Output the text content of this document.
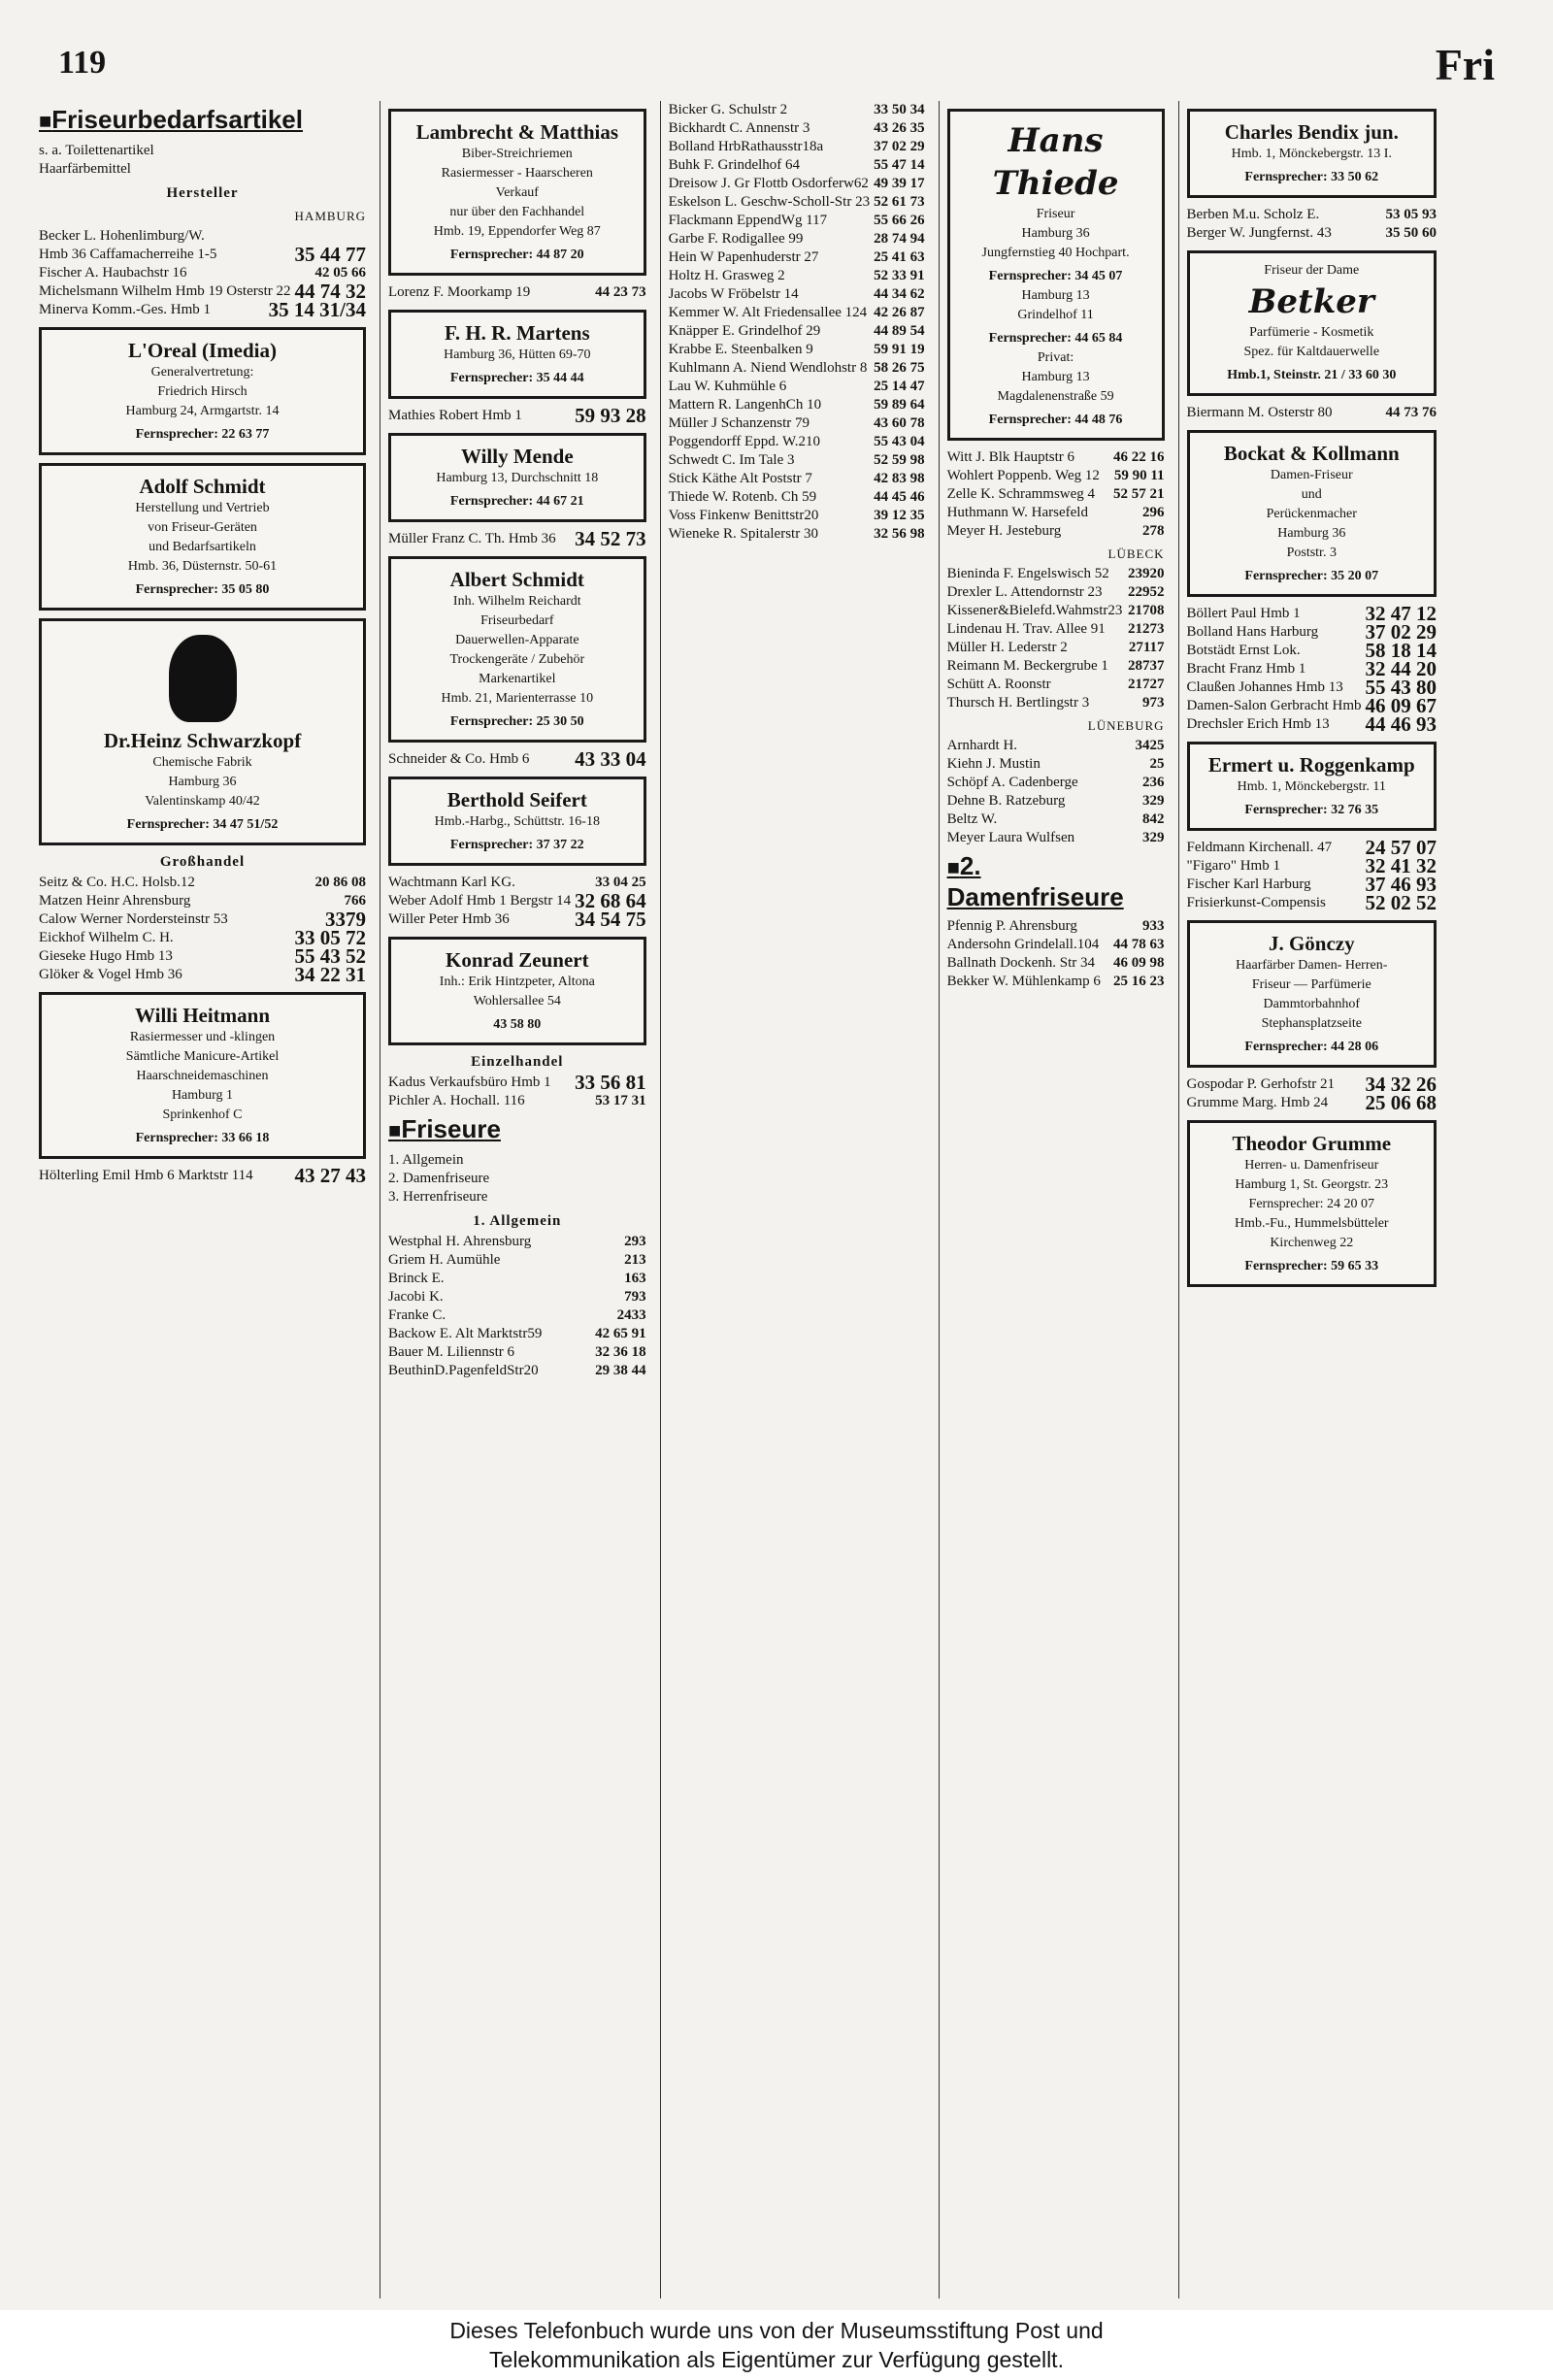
119	Fri
■ Friseurbedarfsartikel
s. a. Toilettenartikel
Haarfärbemittel
Hersteller
HAMBURG
Becker L. Hohenlimburg/W.
Hmb 36 Caffamacherreihe 1-5	35 44 77
Fischer A. Haubachstr 16	42 05 66
Michelsmann Wilhelm Hmb 19 Osterstr 22 44 74 32
Minerva Komm.-Ges. Hmb 1	35 14 31/34
L'Oreal (Imedia)
Generalvertretung:
Friedrich Hirsch
Hamburg 24, Armgartstr. 14
Fernsprecher: 22 63 77
Adolf Schmidt
Herstellung und Vertrieb
von Friseur-Geräten
und Bedarfsartikeln
Hmb. 36, Düsternstr. 50-61
Fernsprecher: 35 05 80
Dr.Heinz Schwarzkopf
Chemische Fabrik
Hamburg 36
Valentinskamp 40/42
Fernsprecher: 34 47 51/52
Großhandel
Seitz & Co. H.C. Holsb.12	20 86 08
Matzen Heinr Ahrensburg	766
Calow Werner Nordersteinstr 53	3379
Eickhof Wilhelm C. H.	33 05 72
Gieseke Hugo Hmb 13	55 43 52
Glöker & Vogel Hmb 36	34 22 31
Willi Heitmann
Rasiermesser und -klingen
Sämtliche Manicure-Artikel
Haarschneidemaschinen
Hamburg 1
Sprinkenhof C
Fernsprecher: 33 66 18
Hölterling Emil Hmb 6 Marktstr 114 43 27 43
Lambrecht & Matthias
Biber-Streichriemen
Rasiermesser - Haarscheren
Verkauf
nur über den Fachhandel
Hmb. 19, Eppendorfer Weg 87
Fernsprecher: 44 87 20
Lorenz F. Moorkamp 19	44 23 73
F. H. R. Martens
Hamburg 36, Hütten 69-70
Fernsprecher: 35 44 44
Mathies Robert Hmb 1	59 93 28
Willy Mende
Hamburg 13, Durchschnitt 18
Fernsprecher: 44 67 21
Müller Franz C. Th. Hmb 36 34 52 73
Albert Schmidt
Inh. Wilhelm Reichardt
Friseurbedarf
Dauerwellen-Apparate
Trockengeräte / Zubehör
Markenartikel
Hmb. 21, Marienterrasse 10
Fernsprecher: 25 30 50
Schneider & Co. Hmb 6 43 33 04
Berthold Seifert
Hmb.-Harbg., Schüttstr. 16-18
Fernsprecher: 37 37 22
Wachtmann Karl KG.	33 04 25
Weber Adolf Hmb 1 Bergstr 14 32 68 64
Willer Peter Hmb 36	34 54 75
Konrad Zeunert
Inh.: Erik Hintzpeter, Altona
Wohlersallee 54
43 58 80
Einzelhandel
Kadus Verkaufsbüro Hmb 1 33 56 81
Pichler A. Hochall. 116	53 17 31
■ Friseure
1. Allgemein
2. Damenfriseure
3. Herrenfriseure
1. Allgemein
Westphal H. Ahrensburg	293
Griem H. Aumühle	213
Brinck E.	163
Jacobi K.	793
Franke C.	2433
Backow E. Alt Marktstr59	42 65 91
Bauer M. Liliennstr 6	32 36 18
BeuthinD.PagenfeldStr20	29 38 44
Bicker G. Schulstr 2	33 50 34
Bickhardt C. Annenstr 3	43 26 35
Bolland HrbRathausstr18a	37 02 29
Buhk F. Grindelhof 64	55 47 14
Dreisow J. Gr Flottb Osdorferw62 49 39 17
Eskelson L. Geschw-Scholl-Str 23 52 61 73
Flackmann EppendWg 117	55 66 26
Garbe F. Rodigallee 99	28 74 94
Hein W Papenhuderstr 27	25 41 63
Holtz H. Grasweg 2	52 33 91
Jacobs W Fröbelstr 14	44 34 62
Kemmer W. Alt Friedensallee 124 42 26 87
Knäpper E. Grindelhof 29	44 89 54
Krabbe E. Steenbalken 9	59 91 19
Kuhlmann A. Niend Wendlohstr 8 58 26 75
Lau W. Kuhmühle 6	25 14 47
Mattern R. LangenhCh 10	59 89 64
Müller J Schanzenstr 79	43 60 78
Poggendorff Eppd. W.210	55 43 04
Schwedt C. Im Tale 3	52 59 98
Stick Käthe Alt Poststr 7	42 83 98
Thiede W. Rotenb. Ch 59	44 45 46
Voss Finkenw Benittstr20	39 12 35
Wieneke R. Spitalerstr 30	32 56 98
Hans Thiede
Friseur
Hamburg 36
Jungfernstieg 40 Hochpart.
Fernsprecher: 34 45 07
Hamburg 13
Grindelhof 11
Fernsprecher: 44 65 84
Privat:
Hamburg 13
Magdalenenstraße 59
Fernsprecher: 44 48 76
Witt J. Blk Hauptstr 6	46 22 16
Wohlert Poppenb. Weg 12 59 90 11
Zelle K. Schrammsweg 4 52 57 21
Huthmann W. Harsefeld	296
Meyer H. Jesteburg	278
LÜBECK
Bieninda F. Engelswisch 52 23920
Drexler L. Attendornstr 23 22952
Kissener&Bielefd.Wahmstr23 21708
Lindenau H. Trav. Allee 91 21273
Müller H. Lederstr 2	27117
Reimann M. Beckergrube 1 28737
Schütt A. Roonstr	21727
Thursch H. Bertlingstr 3	973
LÜNEBURG
Arnhardt H.	3425
Kiehn J. Mustin	25
Schöpf A. Cadenberge	236
Dehne B. Ratzeburg	329
Beltz W.	842
Meyer Laura Wulfsen	329
■ 2. Damenfriseure
Pfennig P. Ahrensburg	933
Andersohn Grindelall.104 44 78 63
Ballnath Dockenh. Str 34 46 09 98
Bekker W. Mühlenkamp 6 25 16 23
Charles Bendix jun.
Hmb. 1, Mönckebergstr. 13 I.
Fernsprecher: 33 50 62
Berben M.u. Scholz E.	53 05 93
Berger W. Jungfernst. 43	35 50 60
Friseur der Dame
Betker
Parfümerie - Kosmetik
Spez. für Kaltdauerwelle
Hmb.1, Steinstr. 21 / 33 60 30
Biermann M. Osterstr 80	44 73 76
Bockat & Kollmann
Damen-Friseur
und
Perückenmacher
Hamburg 36
Poststr. 3
Fernsprecher: 35 20 07
Böllert Paul Hmb 1	32 47 12
Bolland Hans Harburg 37 02 29
Botstädt Ernst Lok.	58 18 14
Bracht Franz Hmb 1	32 44 20
Claußen Johannes Hmb 13 55 43 80
Damen-Salon Gerbracht Hmb 46 09 67
Drechsler Erich Hmb 13 44 46 93
Ermert u. Roggenkamp
Hmb. 1, Mönckebergstr. 11
Fernsprecher: 32 76 35
Feldmann Kirchenall. 47 24 57 07
"Figaro" Hmb 1	32 41 32
Fischer Karl Harburg	37 46 93
Frisierkunst-Compensis 52 02 52
J. Gönczy
Haarfärber Damen- Herren-
Friseur — Parfümerie
Dammtorbahnhof
Stephansplatzseite
Fernsprecher: 44 28 06
Gospodar P. Gerhofstr 21 34 32 26
Grumme Marg. Hmb 24 25 06 68
Theodor Grumme
Herren- u. Damenfriseur
Hamburg 1, St. Georgstr. 23
Fernsprecher: 24 20 07
Hmb.-Fu., Hummelsbütteler
Kirchenweg 22
Fernsprecher: 59 65 33
Dieses Telefonbuch wurde uns von der Museumsstiftung Post und
Telekommunikation als Eigentümer zur Verfügung gestellt.
